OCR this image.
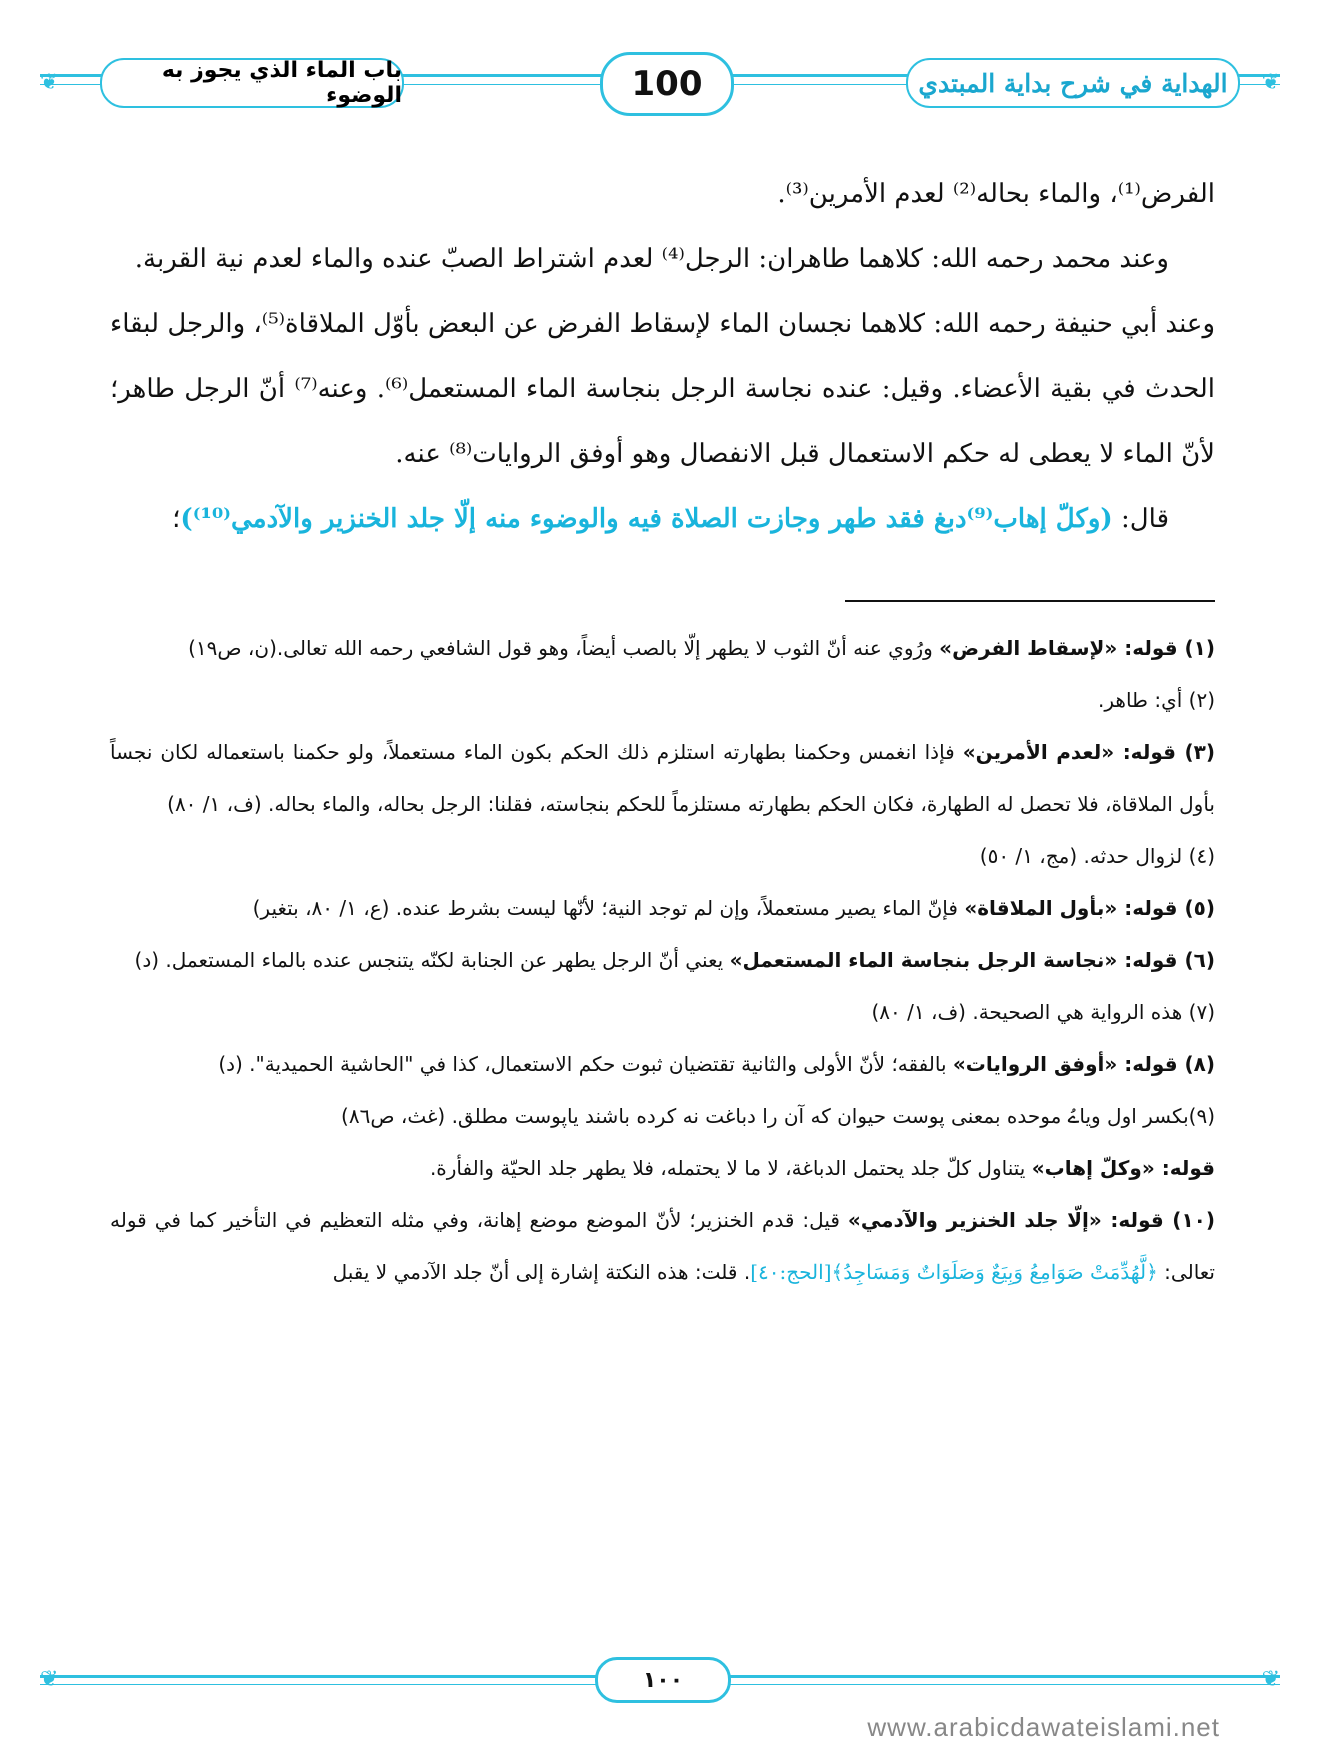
❦	❦
باب الماء الذي يجوز به الوضوء	100	الهداية في شرح بداية المبتدي

الفرض⁽¹⁾، والماء بحاله⁽²⁾ لعدم الأمرين⁽³⁾.

وعند محمد رحمه الله: كلاهما طاهران: الرجل⁽⁴⁾ لعدم اشتراط الصبّ عنده والماء لعدم نية القربة.

وعند أبي حنيفة رحمه الله: كلاهما نجسان الماء لإسقاط الفرض عن البعض بأوّل الملاقاة⁽⁵⁾، والرجل لبقاء الحدث في بقية الأعضاء. وقيل: عنده نجاسة الرجل بنجاسة الماء المستعمل⁽⁶⁾. وعنه⁽⁷⁾ أنّ الرجل طاهر؛ لأنّ الماء لا يعطى له حكم الاستعمال قبل الانفصال وهو أوفق الروايات⁽⁸⁾ عنه.

قال: (وكلّ إهاب⁽⁹⁾دبغ فقد طهر وجازت الصلاة فيه والوضوء منه إلّا جلد الخنزير والآدمي⁽¹⁰⁾)؛

(١) قوله: «لإسقاط الفرض» ورُوي عنه أنّ الثوب لا يطهر إلّا بالصب أيضاً، وهو قول الشافعي رحمه الله تعالى.(ن، ص١٩)

(٢) أي: طاهر.

(٣) قوله: «لعدم الأمرين» فإذا انغمس وحكمنا بطهارته استلزم ذلك الحكم بكون الماء مستعملاً، ولو حكمنا باستعماله لكان نجساً بأول الملاقاة، فلا تحصل له الطهارة، فكان الحكم بطهارته مستلزماً للحكم بنجاسته، فقلنا: الرجل بحاله، والماء بحاله. (ف، ١/ ٨٠)

(٤) لزوال حدثه. (مج، ١/ ٥٠)

(٥) قوله: «بأول الملاقاة» فإنّ الماء يصير مستعملاً، وإن لم توجد النية؛ لأنّها ليست بشرط عنده. (ع، ١/ ٨٠، بتغير)

(٦) قوله: «نجاسة الرجل بنجاسة الماء المستعمل» يعني أنّ الرجل يطهر عن الجنابة لكنّه يتنجس عنده بالماء المستعمل. (د)

(٧) هذه الرواية هي الصحيحة. (ف، ١/ ٨٠)

(٨) قوله: «أوفق الروايات» بالفقه؛ لأنّ الأولى والثانية تقتضيان ثبوت حكم الاستعمال، كذا في "الحاشية الحميدية". (د)

(٩)بكسر اول وياےُ موحده بمعنى پوست حيوان كه آن را دباغت نه كرده باشند ياپوست مطلق. (غث، ص٨٦)

قوله: «وكلّ إهاب» يتناول كلّ جلد يحتمل الدباغة، لا ما لا يحتمله، فلا يطهر جلد الحيّة والفأرة.

(١٠) قوله: «إلّا جلد الخنزير والآدمي» قيل: قدم الخنزير؛ لأنّ الموضع موضع إهانة، وفي مثله التعظيم في التأخير كما في قوله تعالى: ﴿لَّهُدِّمَتْ صَوَامِعُ وَبِيَعٌ وَصَلَوَاتٌ وَمَسَاجِدُ﴾[الحج:٤٠]. قلت: هذه النكتة إشارة إلى أنّ جلد الآدمي لا يقبل

❦	❦
١٠٠
www.arabicdawateislami.net
